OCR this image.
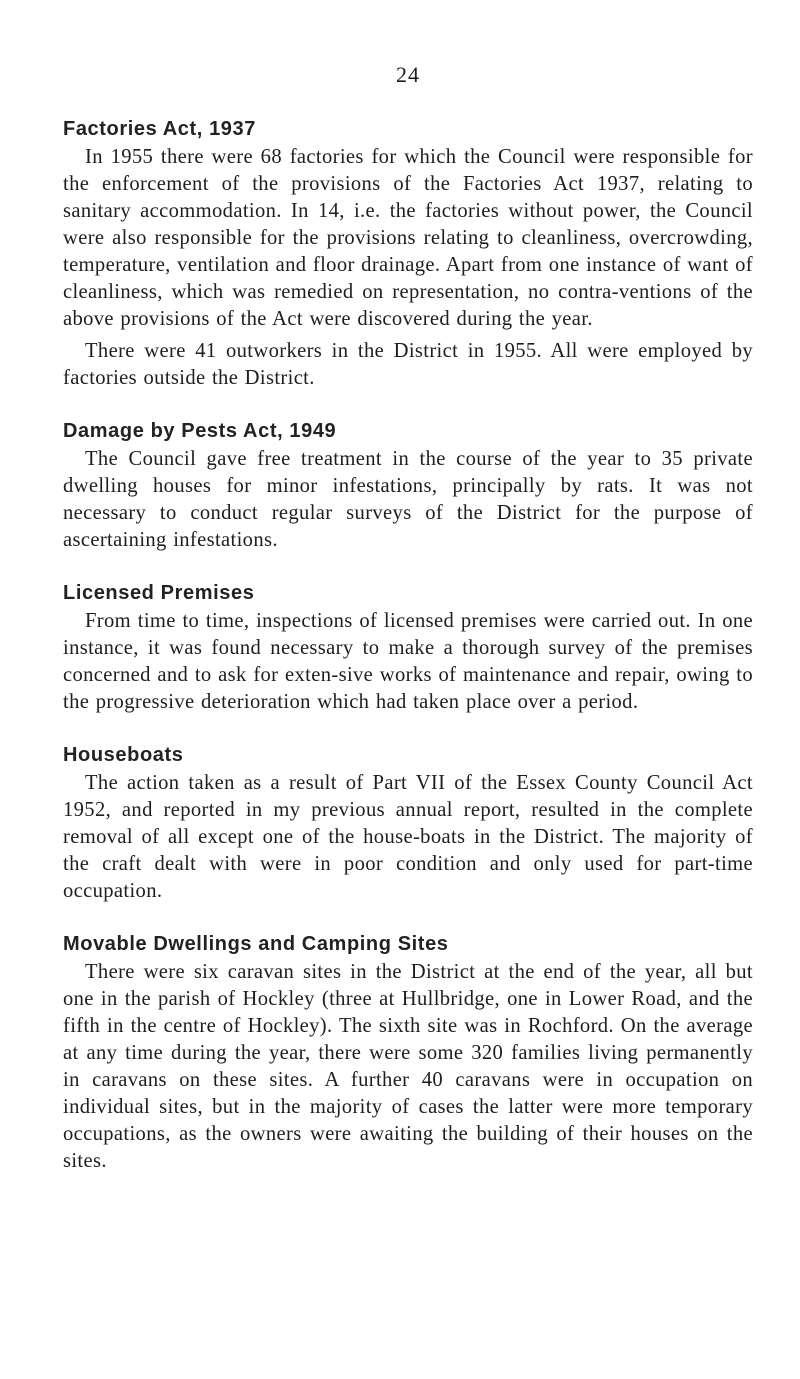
24
Factories Act, 1937

In 1955 there were 68 factories for which the Council were responsible for the enforcement of the provisions of the Factories Act 1937, relating to sanitary accommodation. In 14, i.e. the factories without power, the Council were also responsible for the provisions relating to cleanliness, overcrowding, temperature, ventilation and floor drainage. Apart from one instance of want of cleanliness, which was remedied on representation, no contra-ventions of the above provisions of the Act were discovered during the year.

There were 41 outworkers in the District in 1955. All were employed by factories outside the District.

Damage by Pests Act, 1949

The Council gave free treatment in the course of the year to 35 private dwelling houses for minor infestations, principally by rats. It was not necessary to conduct regular surveys of the District for the purpose of ascertaining infestations.

Licensed Premises

From time to time, inspections of licensed premises were carried out. In one instance, it was found necessary to make a thorough survey of the premises concerned and to ask for exten-sive works of maintenance and repair, owing to the progressive deterioration which had taken place over a period.

Houseboats

The action taken as a result of Part VII of the Essex County Council Act 1952, and reported in my previous annual report, resulted in the complete removal of all except one of the house-boats in the District. The majority of the craft dealt with were in poor condition and only used for part-time occupation.

Movable Dwellings and Camping Sites

There were six caravan sites in the District at the end of the year, all but one in the parish of Hockley (three at Hullbridge, one in Lower Road, and the fifth in the centre of Hockley). The sixth site was in Rochford. On the average at any time during the year, there were some 320 families living permanently in caravans on these sites. A further 40 caravans were in occupation on individual sites, but in the majority of cases the latter were more temporary occupations, as the owners were awaiting the building of their houses on the sites.
